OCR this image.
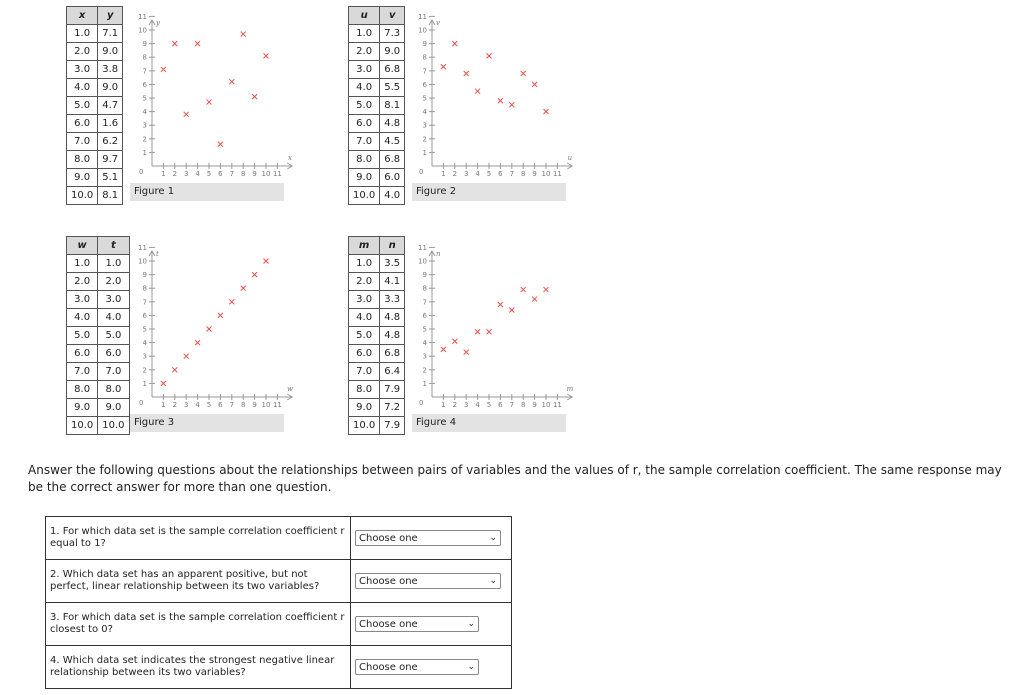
x	y
1.0	7.1
2.0	9.0
3.0	3.8
4.0	9.0
5.0	4.7
6.0	1.6
7.0	6.2
8.0	9.7
9.0	5.1
10.0	8.1
1
2
3
4
5
6
7
8
9
10
11
1 2 3 4 5 6 7 8 9 10 11
0
y
x
Figure 1
u	v
1.0	7.3
2.0	9.0
3.0	6.8
4.0	5.5
5.0	8.1
6.0	4.8
7.0	4.5
8.0	6.8
9.0	6.0
10.0	4.0
1
2
3
4
5
6
7
8
9
10
11
1 2 3 4 5 6 7 8 9 10 11
0
v
u
Figure 2
w	t
1.0	1.0
2.0	2.0
3.0	3.0
4.0	4.0
5.0	5.0
6.0	6.0
7.0	7.0
8.0	8.0
9.0	9.0
10.0	10.0
1
2
3
4
5
6
7
8
9
10
11
1 2 3 4 5 6 7 8 9 10 11
0
t
w
Figure 3
m	n
1.0	3.5
2.0	4.1
3.0	3.3
4.0	4.8
5.0	4.8
6.0	6.8
7.0	6.4
8.0	7.9
9.0	7.2
10.0	7.9
1
2
3
4
5
6
7
8
9
10
11
1 2 3 4 5 6 7 8 9 10 11
0
n
m
Figure 4
Answer the following questions about the relationships between pairs of variables and the values of r, the sample correlation coefficient. The same response may be the correct answer for more than one question.
1. For which data set is the sample correlation coefficient r equal to 1?	Choose one ⌄

2. Which data set has an apparent positive, but not perfect, linear relationship between its two variables?	Choose one ⌄

3. For which data set is the sample correlation coefficient r closest to 0?	Choose one ⌄

4. Which data set indicates the strongest negative linear relationship between its two variables?	Choose one ⌄
